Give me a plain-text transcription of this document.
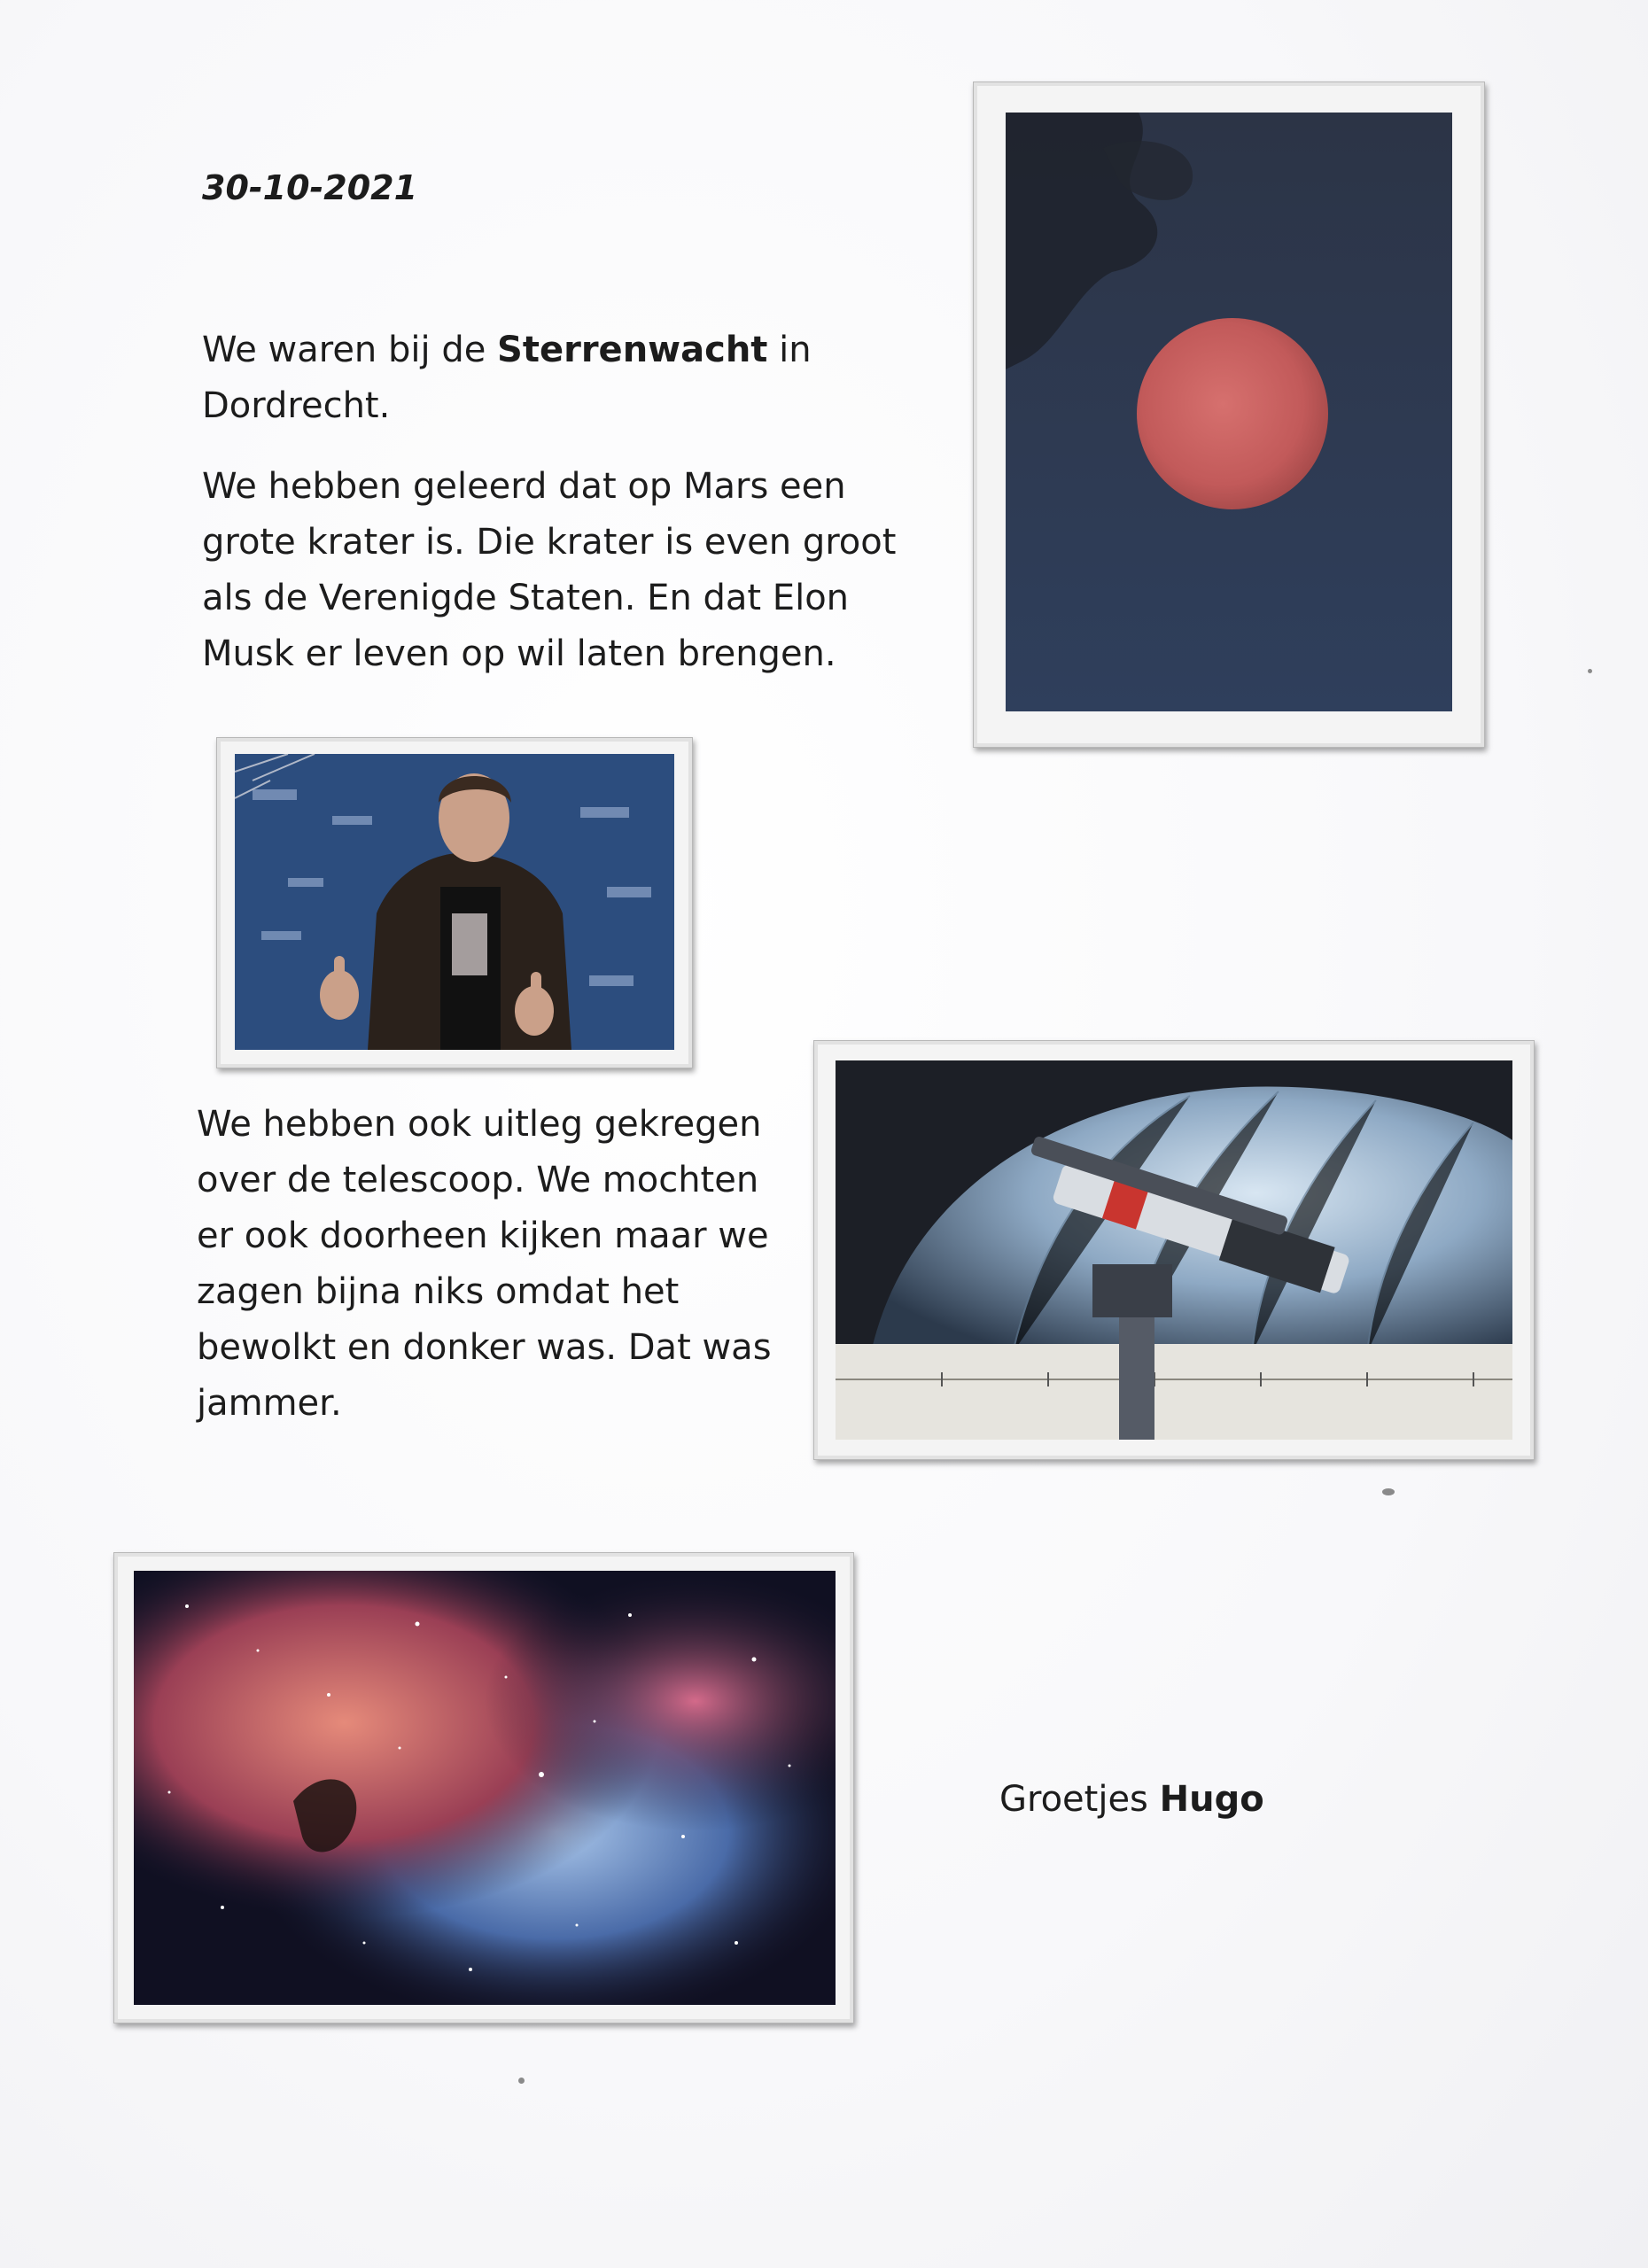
30-10-2021

We waren bij de Sterrenwacht in

Dordrecht.

We hebben geleerd dat op Mars een

grote krater is. Die krater is even groot

als de Verenigde Staten. En dat Elon

Musk er leven op wil laten brengen.

We hebben ook uitleg gekregen

over de telescoop. We mochten

er ook doorheen kijken maar we

zagen bijna niks omdat het

bewolkt en donker was. Dat was

jammer.

Groetjes Hugo
